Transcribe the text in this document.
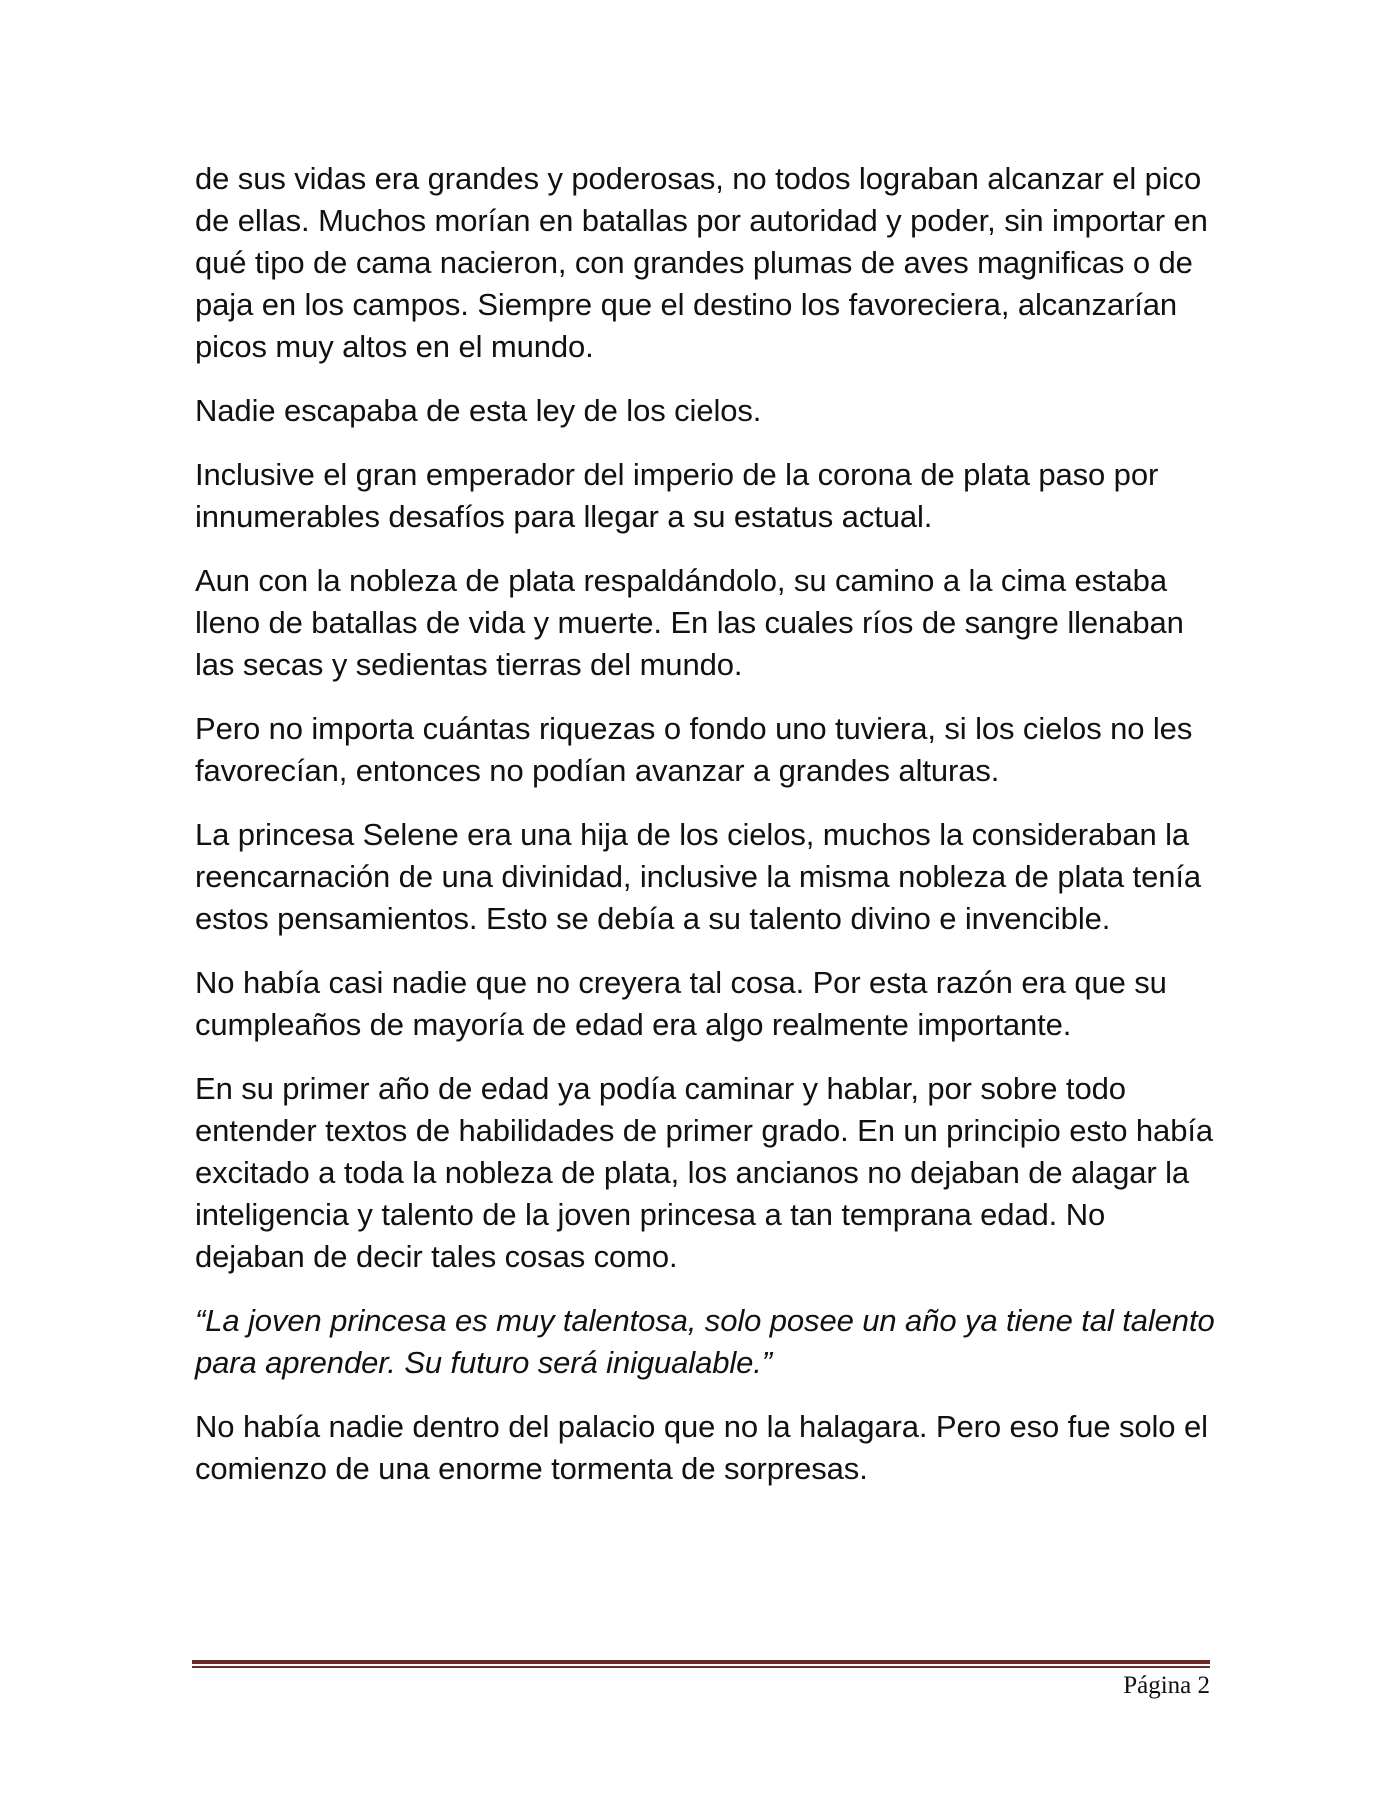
de sus vidas era grandes y poderosas, no todos lograban alcanzar el pico de ellas. Muchos morían en batallas por autoridad y poder, sin importar en qué tipo de cama nacieron, con grandes plumas de aves magnificas o de paja en los campos. Siempre que el destino los favoreciera, alcanzarían picos muy altos en el mundo.

Nadie escapaba de esta ley de los cielos.

Inclusive el gran emperador del imperio de la corona de plata paso por innumerables desafíos para llegar a su estatus actual.

Aun con la nobleza de plata respaldándolo, su camino a la cima estaba lleno de batallas de vida y muerte. En las cuales ríos de sangre llenaban las secas y sedientas tierras del mundo.

Pero no importa cuántas riquezas o fondo uno tuviera, si los cielos no les favorecían, entonces no podían avanzar a grandes alturas.

La princesa Selene era una hija de los cielos, muchos la consideraban la reencarnación de una divinidad, inclusive la misma nobleza de plata tenía estos pensamientos. Esto se debía a su talento divino e invencible.

No había casi nadie que no creyera tal cosa. Por esta razón era que su cumpleaños de mayoría de edad era algo realmente importante.

En su primer año de edad ya podía caminar y hablar, por sobre todo entender textos de habilidades de primer grado. En un principio esto había excitado a toda la nobleza de plata, los ancianos no dejaban de alagar la inteligencia y talento de la joven princesa a tan temprana edad. No dejaban de decir tales cosas como.

“La joven princesa es muy talentosa, solo posee un año ya tiene tal talento para aprender. Su futuro será inigualable.”

No había nadie dentro del palacio que no la halagara. Pero eso fue solo el comienzo de una enorme tormenta de sorpresas.

Página 2
